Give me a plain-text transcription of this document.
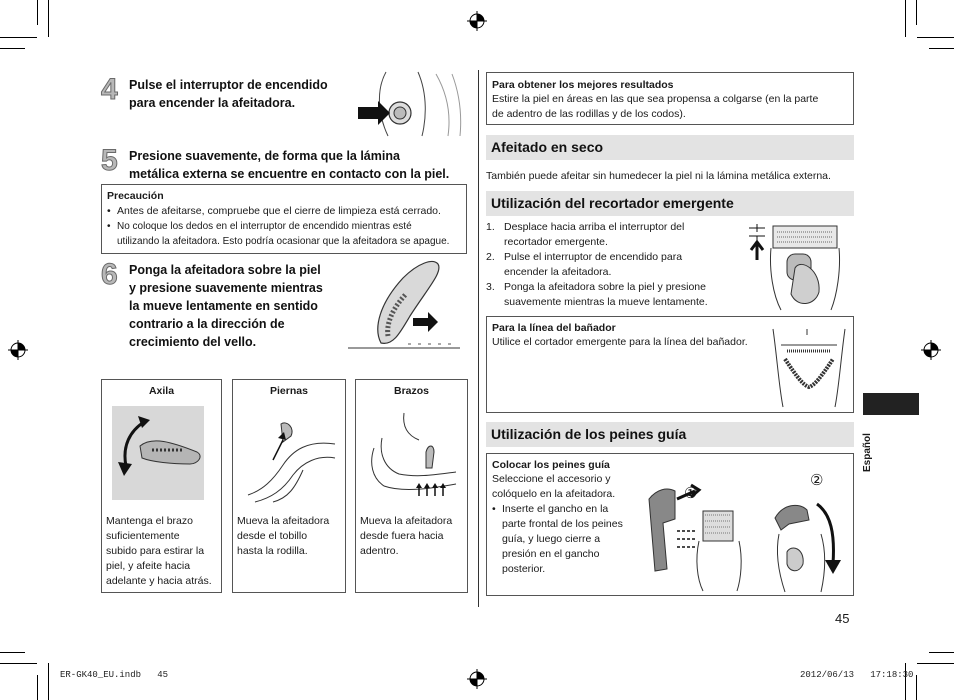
4 Pulse el interruptor de encendido
para encender la afeitadora.
5 Presione suavemente, de forma que la lámina
metálica externa se encuentre en contacto con la piel.
Precaución
• Antes de afeitarse, compruebe que el cierre de limpieza está cerrado.
• No coloque los dedos en el interruptor de encendido mientras esté
utilizando la afeitadora. Esto podría ocasionar que la afeitadora se apague.
6 Ponga la afeitadora sobre la piel
y presione suavemente mientras
la mueve lentamente en sentido
contrario a la dirección de
crecimiento del vello.
Axila
Mantenga el brazo
suficientemente
subido para estirar la
piel, y afeite hacia
adelante y hacia atrás.
Piernas
Mueva la afeitadora
desde el tobillo
hasta la rodilla.
Brazos
Mueva la afeitadora
desde fuera hacia
adentro.
Para obtener los mejores resultados
Estire la piel en áreas en las que sea propensa a colgarse (en la parte
de adentro de las rodillas y de los codos).
Afeitado en seco
También puede afeitar sin humedecer la piel ni la lámina metálica externa.
Utilización del recortador emergente
1. Desplace hacia arriba el interruptor del
recortador emergente.
2. Pulse el interruptor de encendido para
encender la afeitadora.
3. Ponga la afeitadora sobre la piel y presione
suavemente mientras la mueve lentamente.
Para la línea del bañador
Utilice el cortador emergente para la línea del bañador.
Utilización de los peines guía
Colocar los peines guía
Seleccione el accesorio y
colóquelo en la afeitadora.
• Inserte el gancho en la
parte frontal de los peines
guía, y luego cierre a
presión en el gancho
posterior.
①
②
Español
45
ER-GK40_EU.indb   45	2012/06/13   17:18:30
